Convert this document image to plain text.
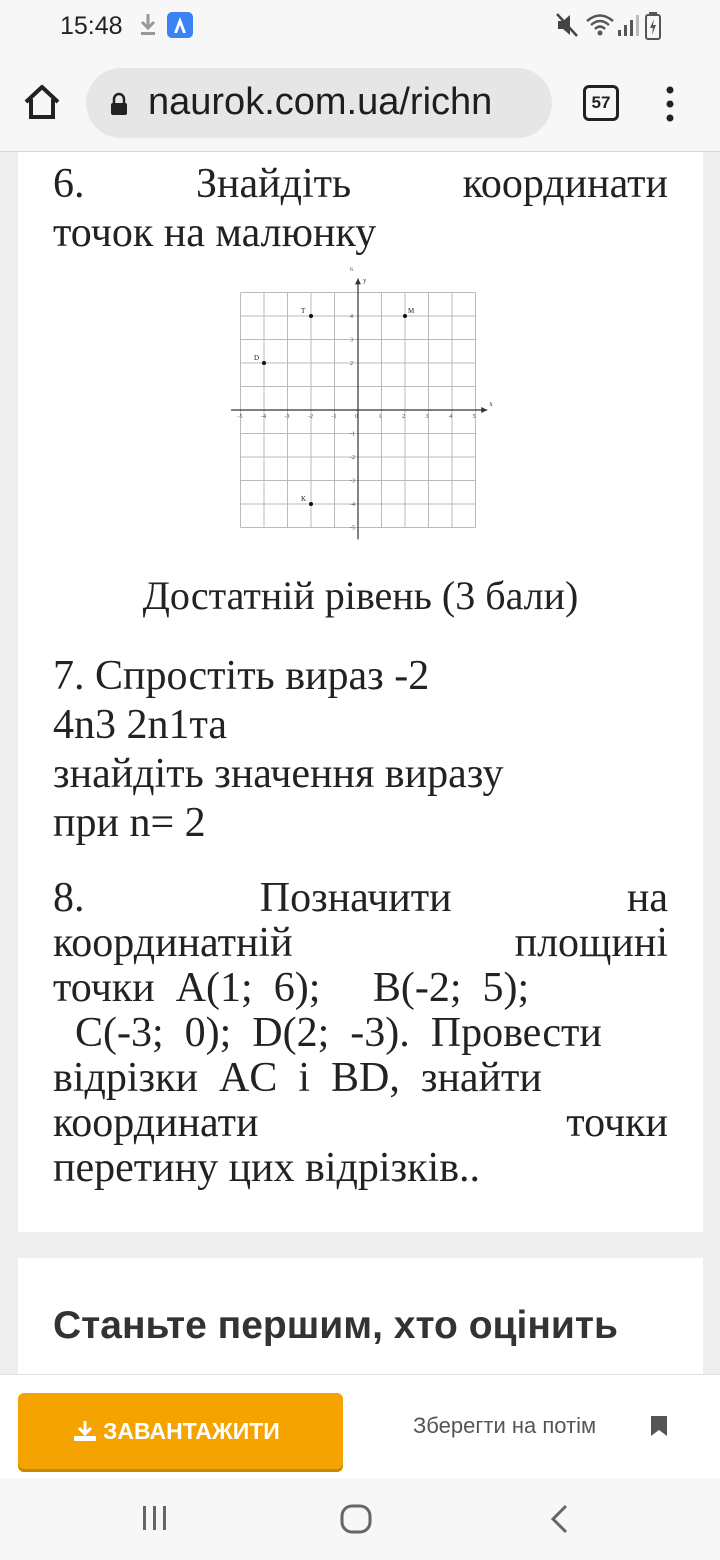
15:48
naurok.com.ua/richn	57
6.	Знайдіть	координати
точок на малюнку
x
y
-5	-4	-3	-2	-1	0	1	2	3	4	5
6
4
3
2
-1
-2
-3
-4
-5
T	M
D
K
Достатній рівень (3 бали)
7. Спростіть вираз -2
4n3 2n1та
знайдіть значення виразу
при n= 2
8.	Позначити	на
координатній	площині
точки  A(1;  6);     B(-2;  5);
C(-3;  0);  D(2;  -3).  Провести
відрізки  AC  і  BD,  знайти
координати	точки
перетину цих відрізків..
Станьте першим, хто оцінить
ЗАВАНТАЖИТИ	Зберегти на потім
